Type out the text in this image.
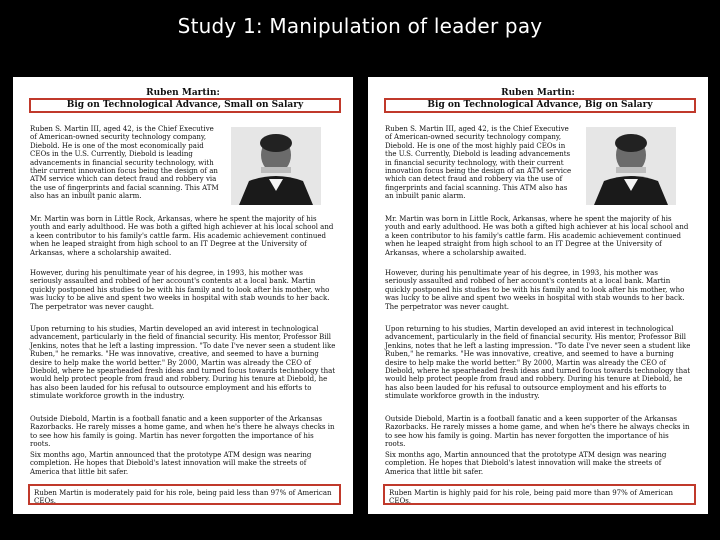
Study 1: Manipulation of leader pay
Ruben Martin:
Big on Technological Advance, Small on Salary
Ruben S. Martin III, aged 42, is the Chief Executive of American-owned security technology company, Diebold. He is one of the most economically paid CEOs in the U.S. Currently, Diebold is leading advancements in financial security technology, with their current innovation focus being the design of an ATM service which can detect fraud and robbery via the use of fingerprints and facial scanning. This ATM also has an inbuilt panic alarm.
Mr. Martin was born in Little Rock, Arkansas, where he spent the majority of his youth and early adulthood. He was both a gifted high achiever at his local school and a keen contributor to his family's cattle farm. His academic achievement continued when he leaped straight from high school to an IT Degree at the University of Arkansas, where a scholarship awaited.
However, during his penultimate year of his degree, in 1993, his mother was seriously assaulted and robbed of her account's contents at a local bank. Martin quickly postponed his studies to be with his family and to look after his mother, who was lucky to be alive and spent two weeks in hospital with stab wounds to her back. The perpetrator was never caught.
Upon returning to his studies, Martin developed an avid interest in technological advancement, particularly in the field of financial security. His mentor, Professor Bill Jenkins, notes that he left a lasting impression. "To date I've never seen a student like Ruben," he remarks. "He was innovative, creative, and seemed to have a burning desire to help make the world better." By 2000, Martin was already the CEO of Diebold, where he spearheaded fresh ideas and turned focus towards technology that would help protect people from fraud and robbery. During his tenure at Diebold, he has also been lauded for his refusal to outsource employment and his efforts to stimulate workforce growth in the industry.
Outside Diebold, Martin is a football fanatic and a keen supporter of the Arkansas Razorbacks. He rarely misses a home game, and when he's there he always checks in to see how his family is going. Martin has never forgotten the importance of his roots.
Six months ago, Martin announced that the prototype ATM design was nearing completion. He hopes that Diebold's latest innovation will make the streets of America that little bit safer.
Ruben Martin is moderately paid for his role, being paid less than 97% of American CEOs.
Ruben Martin:
Big on Technological Advance, Big on Salary
Ruben S. Martin III, aged 42, is the Chief Executive of American-owned security technology company, Diebold. He is one of the most highly paid CEOs in the U.S. Currently, Diebold is leading advancements in financial security technology, with their current innovation focus being the design of an ATM service which can detect fraud and robbery via the use of fingerprints and facial scanning. This ATM also has an inbuilt panic alarm.
Mr. Martin was born in Little Rock, Arkansas, where he spent the majority of his youth and early adulthood. He was both a gifted high achiever at his local school and a keen contributor to his family's cattle farm. His academic achievement continued when he leaped straight from high school to an IT Degree at the University of Arkansas, where a scholarship awaited.
However, during his penultimate year of his degree, in 1993, his mother was seriously assaulted and robbed of her account's contents at a local bank. Martin quickly postponed his studies to be with his family and to look after his mother, who was lucky to be alive and spent two weeks in hospital with stab wounds to her back. The perpetrator was never caught.
Upon returning to his studies, Martin developed an avid interest in technological advancement, particularly in the field of financial security. His mentor, Professor Bill Jenkins, notes that he left a lasting impression. "To date I've never seen a student like Ruben," he remarks. "He was innovative, creative, and seemed to have a burning desire to help make the world better." By 2000, Martin was already the CEO of Diebold, where he spearheaded fresh ideas and turned focus towards technology that would help protect people from fraud and robbery. During his tenure at Diebold, he has also been lauded for his refusal to outsource employment and his efforts to stimulate workforce growth in the industry.
Outside Diebold, Martin is a football fanatic and a keen supporter of the Arkansas Razorbacks. He rarely misses a home game, and when he's there he always checks in to see how his family is going. Martin has never forgotten the importance of his roots.
Six months ago, Martin announced that the prototype ATM design was nearing completion. He hopes that Diebold's latest innovation will make the streets of America that little bit safer.
Ruben Martin is highly paid for his role, being paid more than 97% of American CEOs.
